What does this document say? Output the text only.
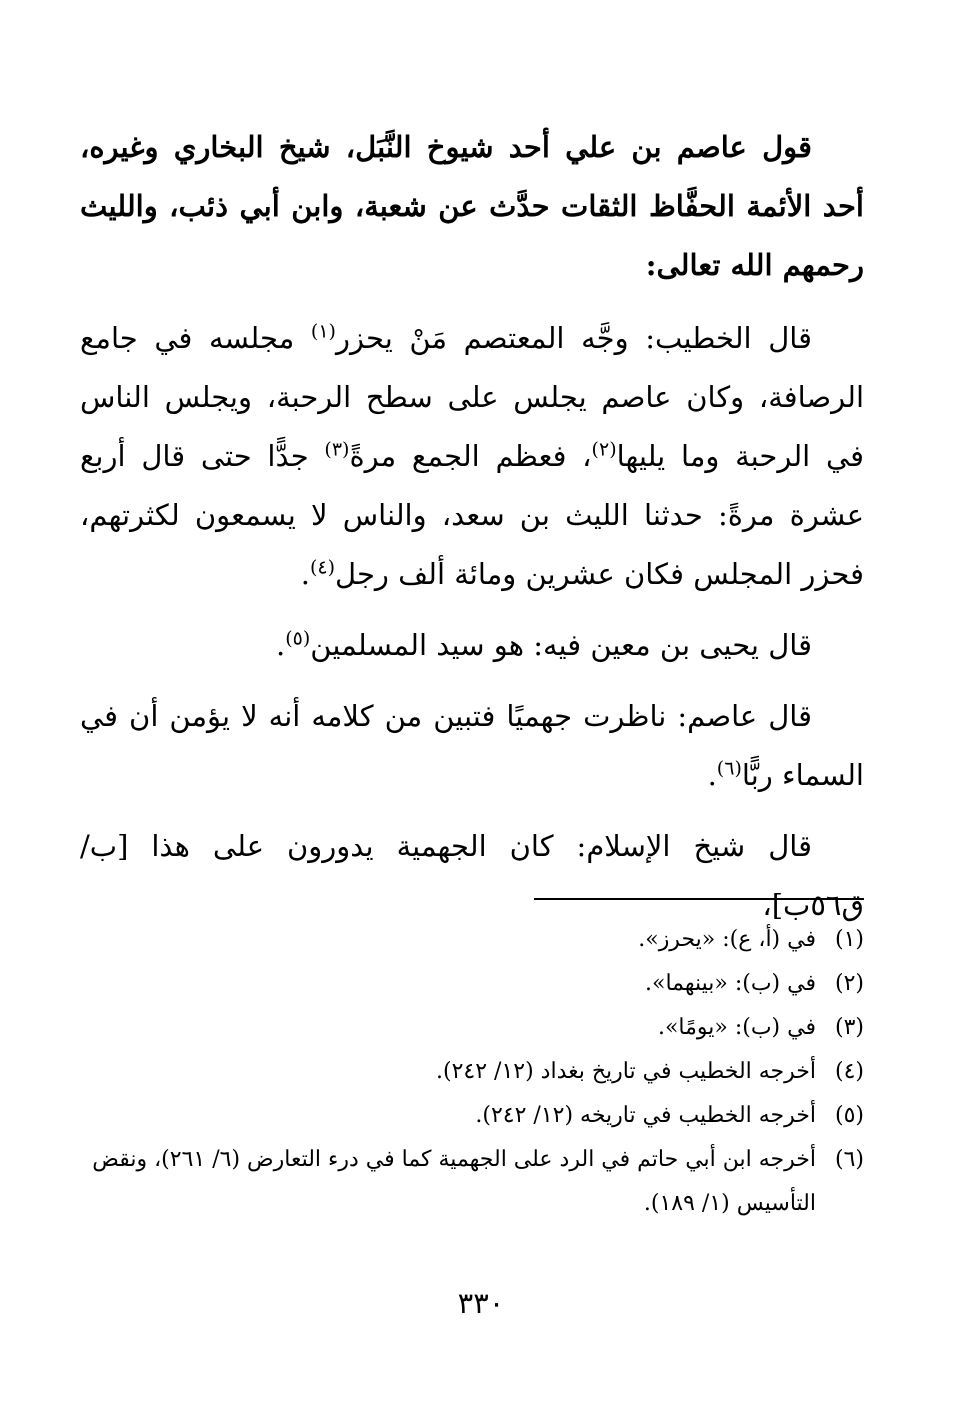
قول عاصم بن علي أحد شيوخ النَّبَل، شيخ البخاري وغيره، أحد الأئمة الحفَّاظ الثقات حدَّث عن شعبة، وابن أبي ذئب، والليث رحمهم الله تعالى:

قال الخطيب: وجَّه المعتصم مَنْ يحزر$^{(١)}$ مجلسه في جامع الرصافة، وكان عاصم يجلس على سطح الرحبة، ويجلس الناس في الرحبة وما يليها$^{(٢)}$، فعظم الجمع مرةً$^{(٣)}$ جدًّا حتى قال أربع عشرة مرةً: حدثنا الليث بن سعد، والناس لا يسمعون لكثرتهم، فحزر المجلس فكان عشرين ومائة ألف رجل$^{(٤)}$.

قال يحيى بن معين فيه: هو سيد المسلمين$^{(٥)}$.

قال عاصم: ناظرت جهميًا فتبين من كلامه أنه لا يؤمن أن في السماء ربًّا$^{(٦)}$.

قال شيخ الإسلام: كان الجهمية يدورون على هذا [ب/ ق٥٦ب]،

(١)
في (أ، ع): «يحرز».
(٢)
في (ب): «بينهما».
(٣)
في (ب): «يومًا».
(٤)
أخرجه الخطيب في تاريخ بغداد (١٢/ ٢٤٢).
(٥)
أخرجه الخطيب في تاريخه (١٢/ ٢٤٢).
(٦)
أخرجه ابن أبي حاتم في الرد على الجهمية كما في درء التعارض (٦/ ٢٦١)، ونقض التأسيس (١/ ١٨٩).
٣٣٠
